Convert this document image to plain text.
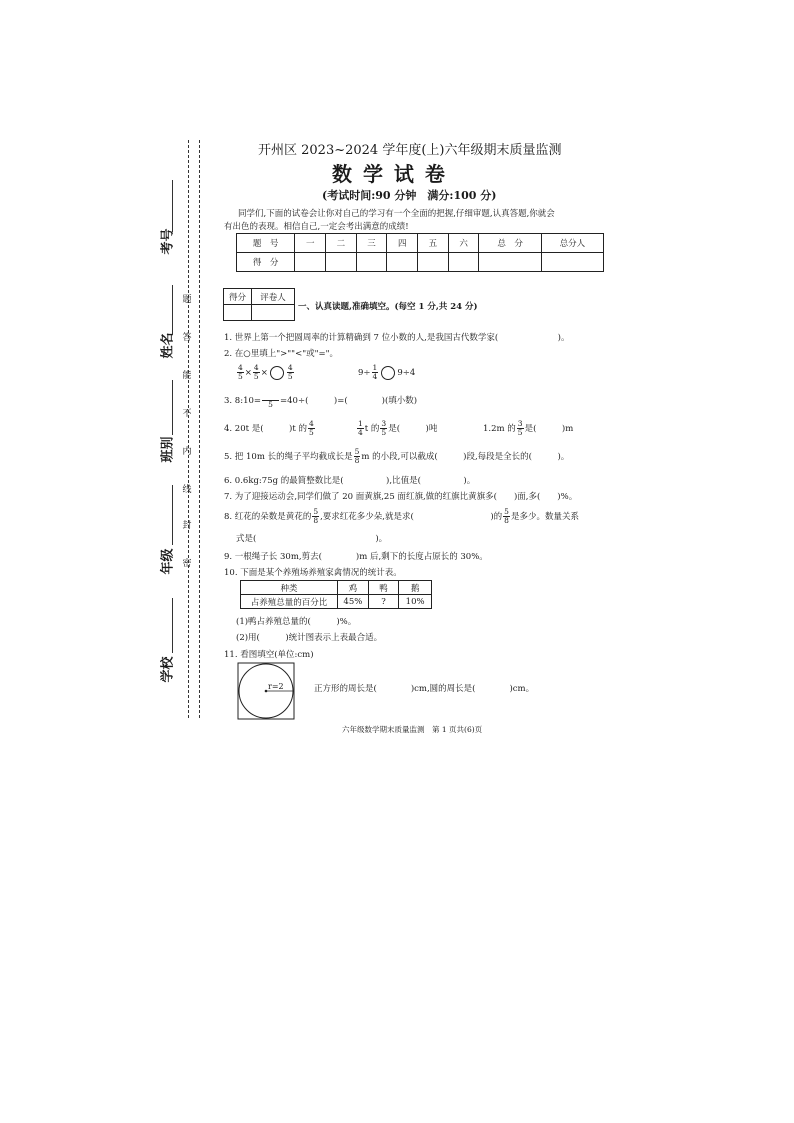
考号
姓名
班别
年级
学校
题
答
能
不
内
线
封
密
开州区 2023~2024 学年度(上)六年级期末质量监测
数 学 试 卷
(考试时间:90 分钟　满分:100 分)
同学们,下面的试卷会让你对自己的学习有一个全面的把握,仔细审题,认真答题,你就会
有出色的表现。相信自己,一定会考出满意的成绩!
题　号	一	二	三	四	五	六	总　分	总分人
得　分								
得分	评卷人

一、认真读题,准确填空。(每空 1 分,共 24 分)
1. 世界上第一个把圆周率的计算精确到 7 位小数的人,是我国古代数学家(　　　　　　　)。
2. 在○里填上">""<"或"="。
$\frac{4}{5} \times \frac{4}{5}$ ×	$\frac{4}{5}$	$9\div \frac{1}{4} 9\div 4$
3. 8:10=
　　 5 =40÷(　　　)=(　　　　)(填小数)
4. 20t 是(　　　)t 的 $\frac{4}{5}$	$\frac{1}{4}$ t 的 $\frac{3}{5}$ 是(　　　)吨	1.2m 的 $\frac{3}{5}$ 是(　　　)m
5. 把 10m 长的绳子平均截成长是 $\frac{5}{8}$ m 的小段,可以截成(　　　)段,每段是全长的(　　　)。
6. 0.6kg:75g 的最简整数比是(　　　　　),比值是(　　　　　)。
7. 为了迎接运动会,同学们做了 20 面黄旗,25 面红旗,做的红旗比黄旗多(　　)面,多(　　)%。
8. 红花的朵数是黄花的 $\frac{5}{8}$ ,要求红花多少朵,就是求(　　　　　　　　　)的 $\frac{5}{8}$ 是多少。数量关系
式是(　　　　　　　　　　　　　　)。
9. 一根绳子长 30m,剪去(　　　　)m 后,剩下的长度占原长的 30%。
10. 下面是某个养殖场养殖家禽情况的统计表。
种类	鸡	鸭	鹅
占养殖总量的百分比	45%	?	10%
(1)鸭占养殖总量的(　　　)%。
(2)用(　　　)统计图表示上表最合适。
11. 看图填空(单位:cm)
r=2	正方形的周长是(　　　　)cm,圆的周长是(　　　　)cm。
六年级数学期末质量监测　第 1 页共(6)页
